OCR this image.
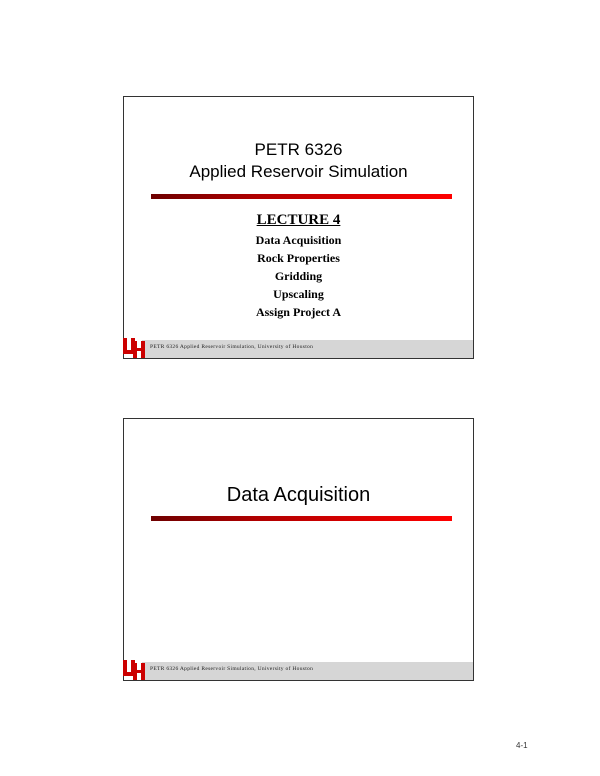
PETR 6326
Applied Reservoir Simulation
LECTURE 4
Data Acquisition
Rock Properties
Gridding
Upscaling
Assign Project A
PETR 6326 Applied Reservoir Simulation, University of Houston
Data Acquisition
PETR 6326 Applied Reservoir Simulation, University of Houston
4-1
